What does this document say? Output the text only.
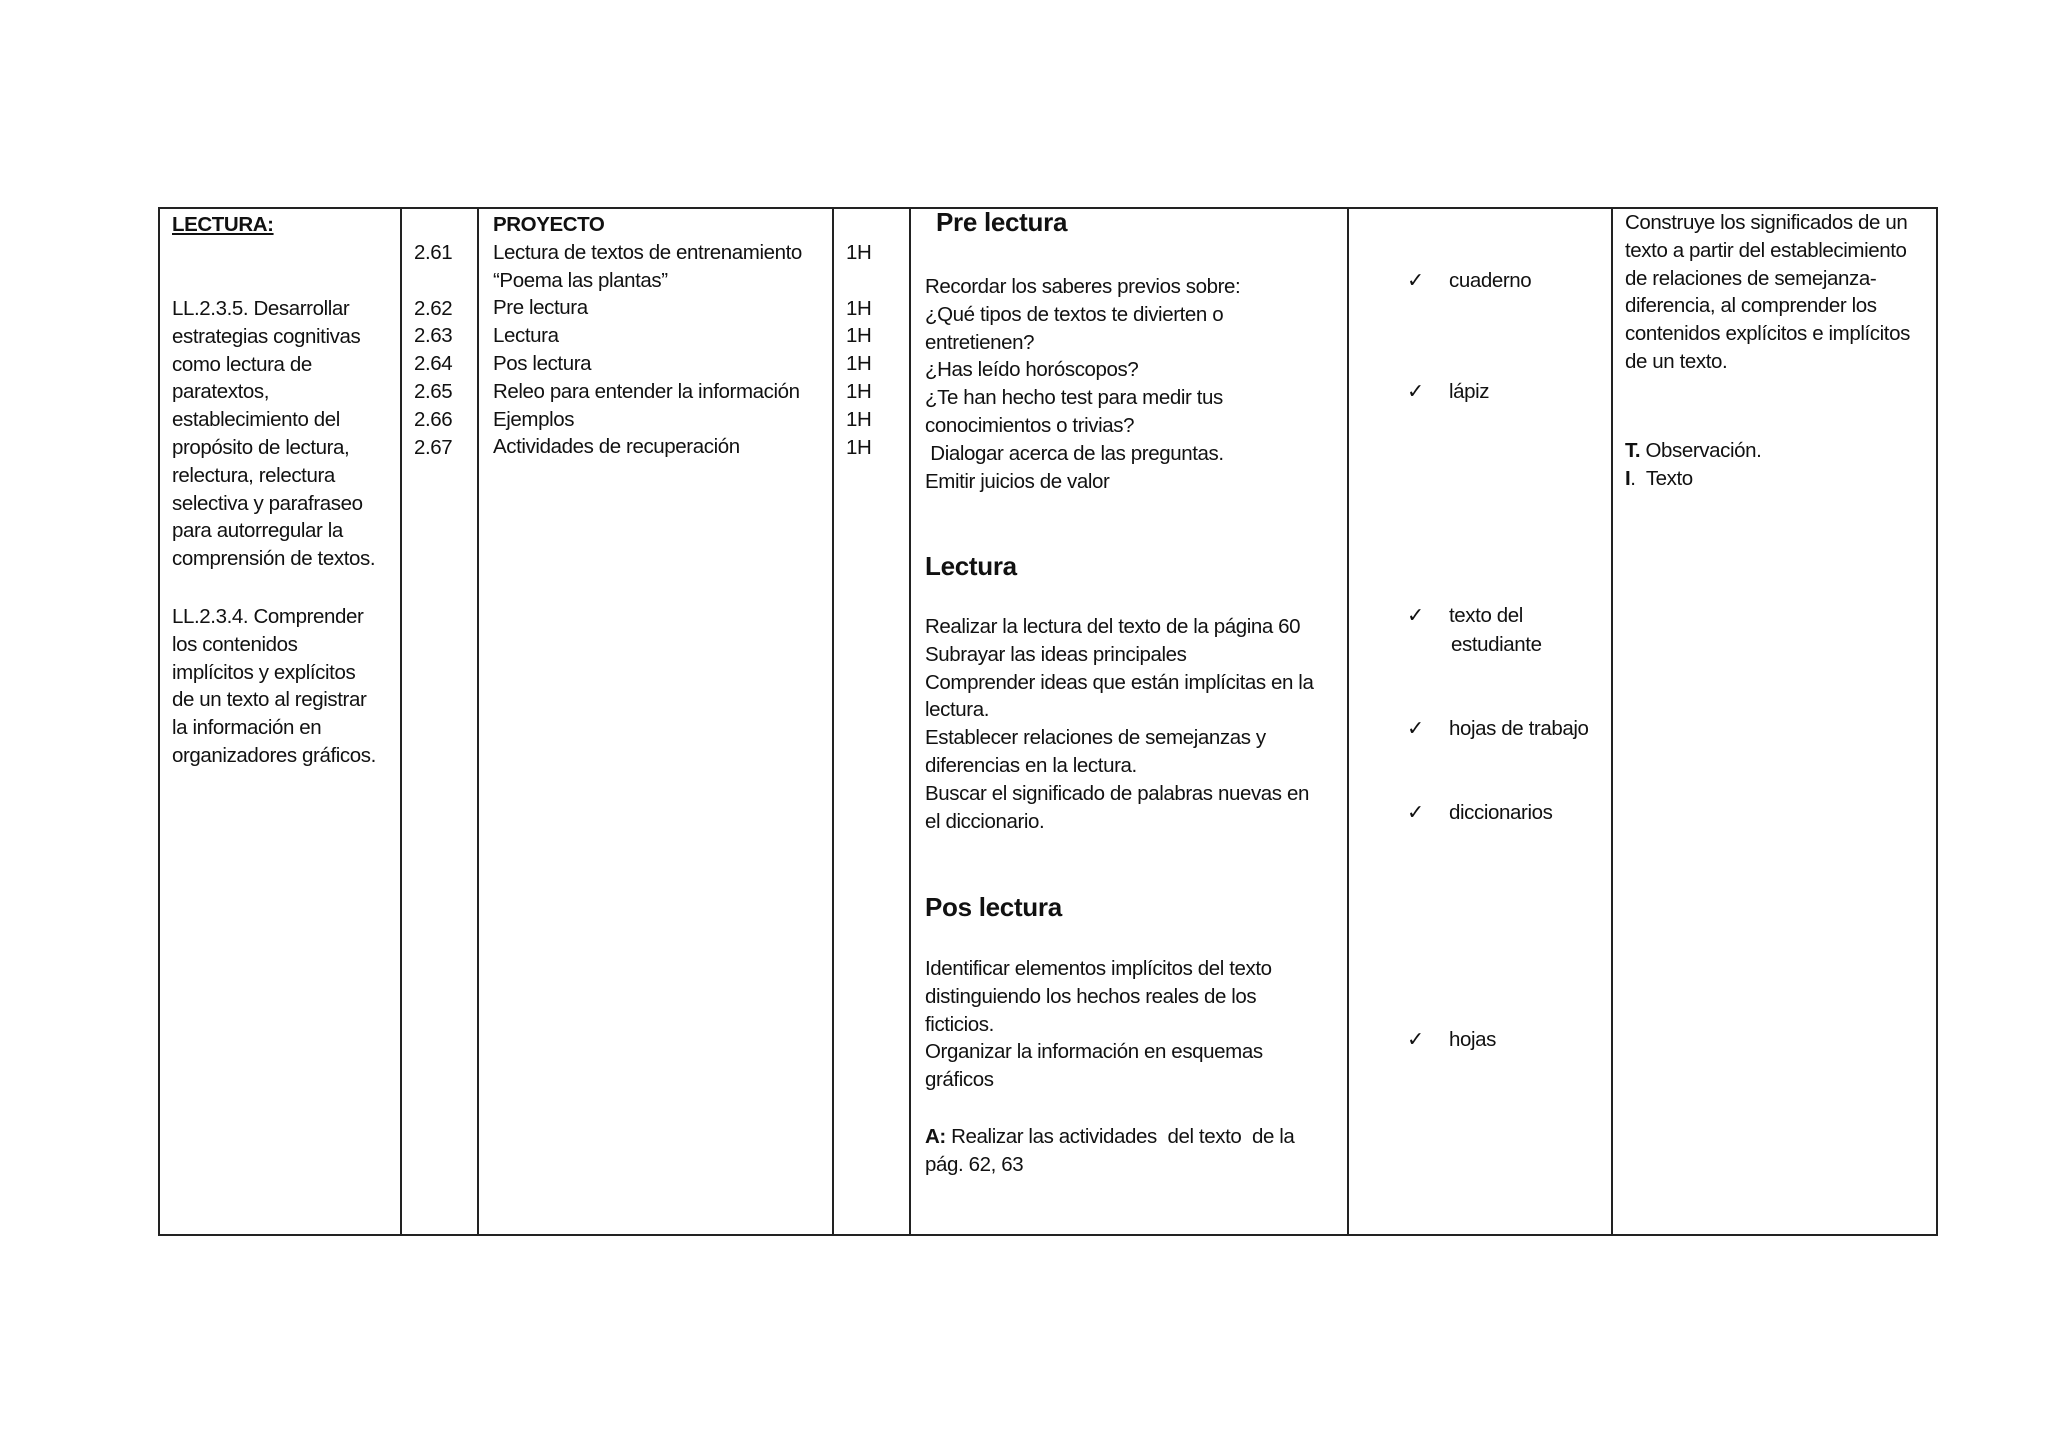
LECTURA:
LL.2.3.5. Desarrollar
estrategias cognitivas
como lectura de
paratextos,
establecimiento del
propósito de lectura,
relectura, relectura
selectiva y parafraseo
para autorregular la
comprensión de textos.
LL.2.3.4. Comprender
los contenidos
implícitos y explícitos
de un texto al registrar
la información en
organizadores gráficos.
2.61

2.62
2.63
2.64
2.65
2.66
2.67
PROYECTO
Lectura de textos de entrenamiento
“Poema las plantas”
Pre lectura
Lectura
Pos lectura
Releo para entender la información
Ejemplos
Actividades de recuperación
1H

1H
1H
1H
1H
1H
1H
Pre lectura
Recordar los saberes previos sobre:
¿Qué tipos de textos te divierten o
entretienen?
¿Has leído horóscopos?
¿Te han hecho test para medir tus
conocimientos o trivias?
Dialogar acerca de las preguntas.
Emitir juicios de valor
Lectura
Realizar la lectura del texto de la página 60
Subrayar las ideas principales
Comprender ideas que están implícitas en la
lectura.
Establecer relaciones de semejanzas y
diferencias en la lectura.
Buscar el significado de palabras nuevas en
el diccionario.
Pos lectura
Identificar elementos implícitos del texto
distinguiendo los hechos reales de los
ficticios.
Organizar la información en esquemas
gráficos
A: Realizar las actividades  del texto  de la
pág. 62, 63
✓ cuaderno
✓ lápiz
✓ texto del
estudiante
✓ hojas de trabajo
✓ diccionarios
✓ hojas
Construye los significados de un
texto a partir del establecimiento
de relaciones de semejanza-
diferencia, al comprender los
contenidos explícitos e implícitos
de un texto.
T. Observación.
I.  Texto
